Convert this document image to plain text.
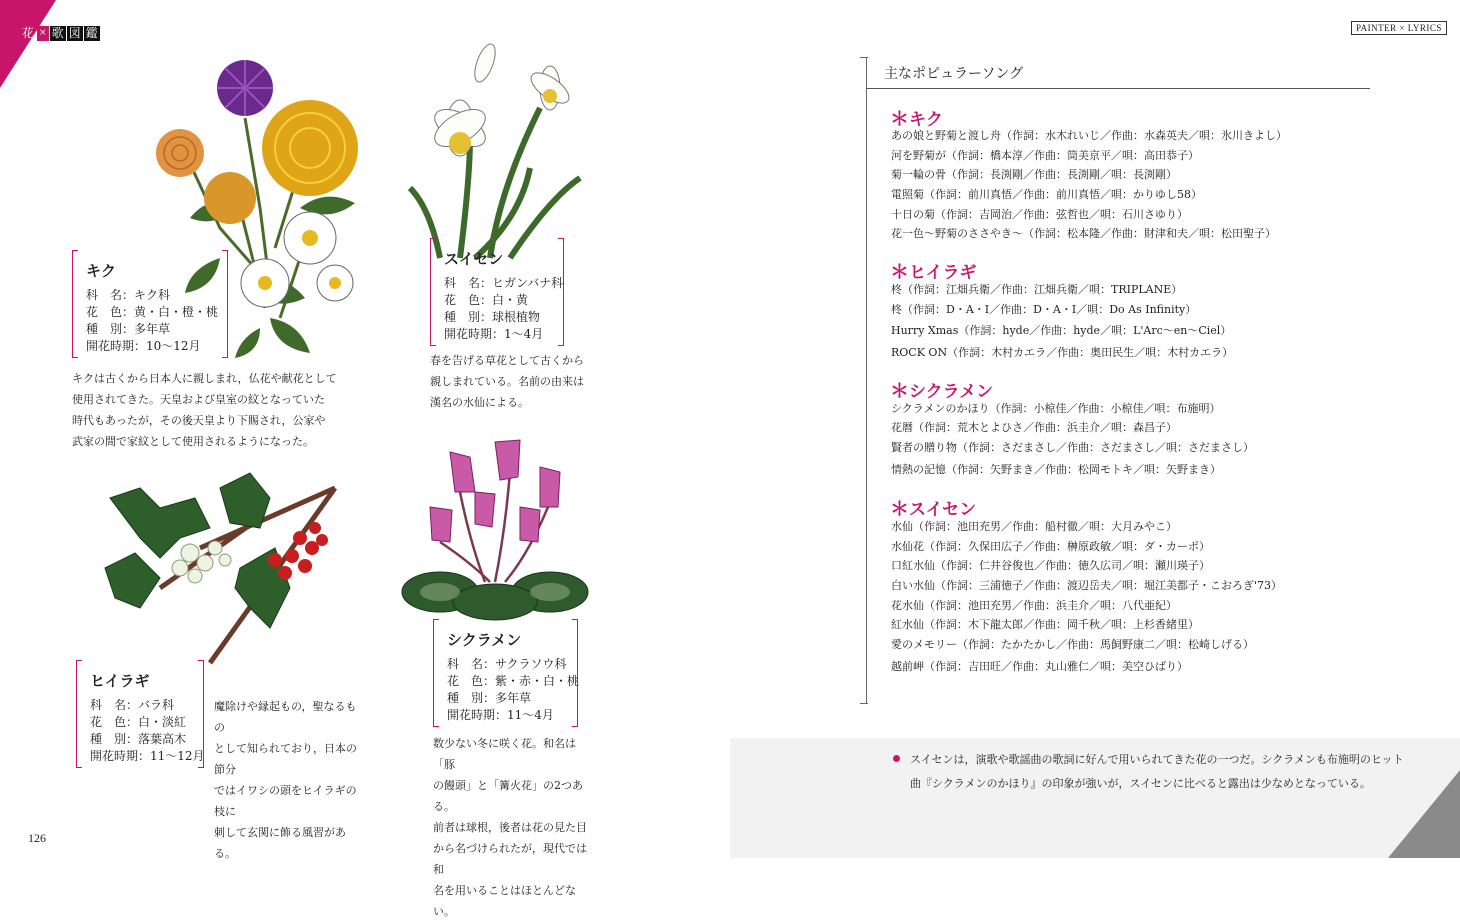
花 × 歌 図 鑑	PAINTER × LYRICS
キク
科　名：キク科
花　色：黄・白・橙・桃
種　別：多年草
開花時期：10〜12月
キクは古くから日本人に親しまれ，仏花や献花として
使用されてきた。天皇および皇室の紋となっていた
時代もあったが，その後天皇より下賜され，公家や
武家の間で家紋として使用されるようになった。
スイセン
科　名：ヒガンバナ科
花　色：白・黄
種　別：球根植物
開花時期：1〜4月
春を告げる草花として古くから
親しまれている。名前の由来は
漢名の水仙による。
ヒイラギ
科　名：バラ科
花　色：白・淡紅
種　別：落葉高木
開花時期：11〜12月
魔除けや縁起もの，聖なるもの
として知られており，日本の節分
ではイワシの頭をヒイラギの枝に
刺して玄関に飾る風習がある。
シクラメン
科　名：サクラソウ科
花　色：紫・赤・白・桃
種　別：多年草
開花時期：11〜4月
数少ない冬に咲く花。和名は「豚
の饅頭」と「篝火花」の2つある。
前者は球根，後者は花の見た目
から名づけられたが，現代では和
名を用いることはほとんどない。
主なポピュラーソング
＊キク
あの娘と野菊と渡し舟（作詞：水木れいじ／作曲：水森英夫／唄：氷川きよし）
河を野菊が（作詞：橋本淳／作曲：筒美京平／唄：高田恭子）
菊一輪の骨（作詞：長渕剛／作曲：長渕剛／唄：長渕剛）
電照菊（作詞：前川真悟／作曲：前川真悟／唄：かりゆし58）
十日の菊（作詞：吉岡治／作曲：弦哲也／唄：石川さゆり）
花一色〜野菊のささやき〜（作詞：松本隆／作曲：財津和夫／唄：松田聖子）
＊ヒイラギ
柊（作詞：江畑兵衛／作曲：江畑兵衛／唄：TRIPLANE）
柊（作詞：D・A・I／作曲：D・A・I／唄：Do As Infinity）
Hurry Xmas（作詞：hyde／作曲：hyde／唄：L'Arc〜en〜Ciel）
ROCK ON（作詞：木村カエラ／作曲：奥田民生／唄：木村カエラ）
＊シクラメン
シクラメンのかほり（作詞：小椋佳／作曲：小椋佳／唄：布施明）
花暦（作詞：荒木とよひさ／作曲：浜圭介／唄：森昌子）
賢者の贈り物（作詞：さだまさし／作曲：さだまさし／唄：さだまさし）
情熱の記憶（作詞：矢野まき／作曲：松岡モトキ／唄：矢野まき）
＊スイセン
水仙（作詞：池田充男／作曲：船村徹／唄：大月みやこ）
水仙花（作詞：久保田広子／作曲：榊原政敏／唄：ダ・カーポ）
口紅水仙（作詞：仁井谷俊也／作曲：徳久広司／唄：瀬川瑛子）
白い水仙（作詞：三浦徳子／作曲：渡辺岳夫／唄：堀江美都子・こおろぎ'73）
花水仙（作詞：池田充男／作曲：浜圭介／唄：八代亜紀）
紅水仙（作詞：木下龍太郎／作曲：岡千秋／唄：上杉香緒里）
愛のメモリー（作詞：たかたかし／作曲：馬飼野康二／唄：松崎しげる）
越前岬（作詞：吉田旺／作曲：丸山雅仁／唄：美空ひばり）
スイセンは，演歌や歌謡曲の歌詞に好んで用いられてきた花の一つだ。シクラメンも布施明のヒット曲『シクラメンのかほり』の印象が強いが，スイセンに比べると露出は少なめとなっている。
126
